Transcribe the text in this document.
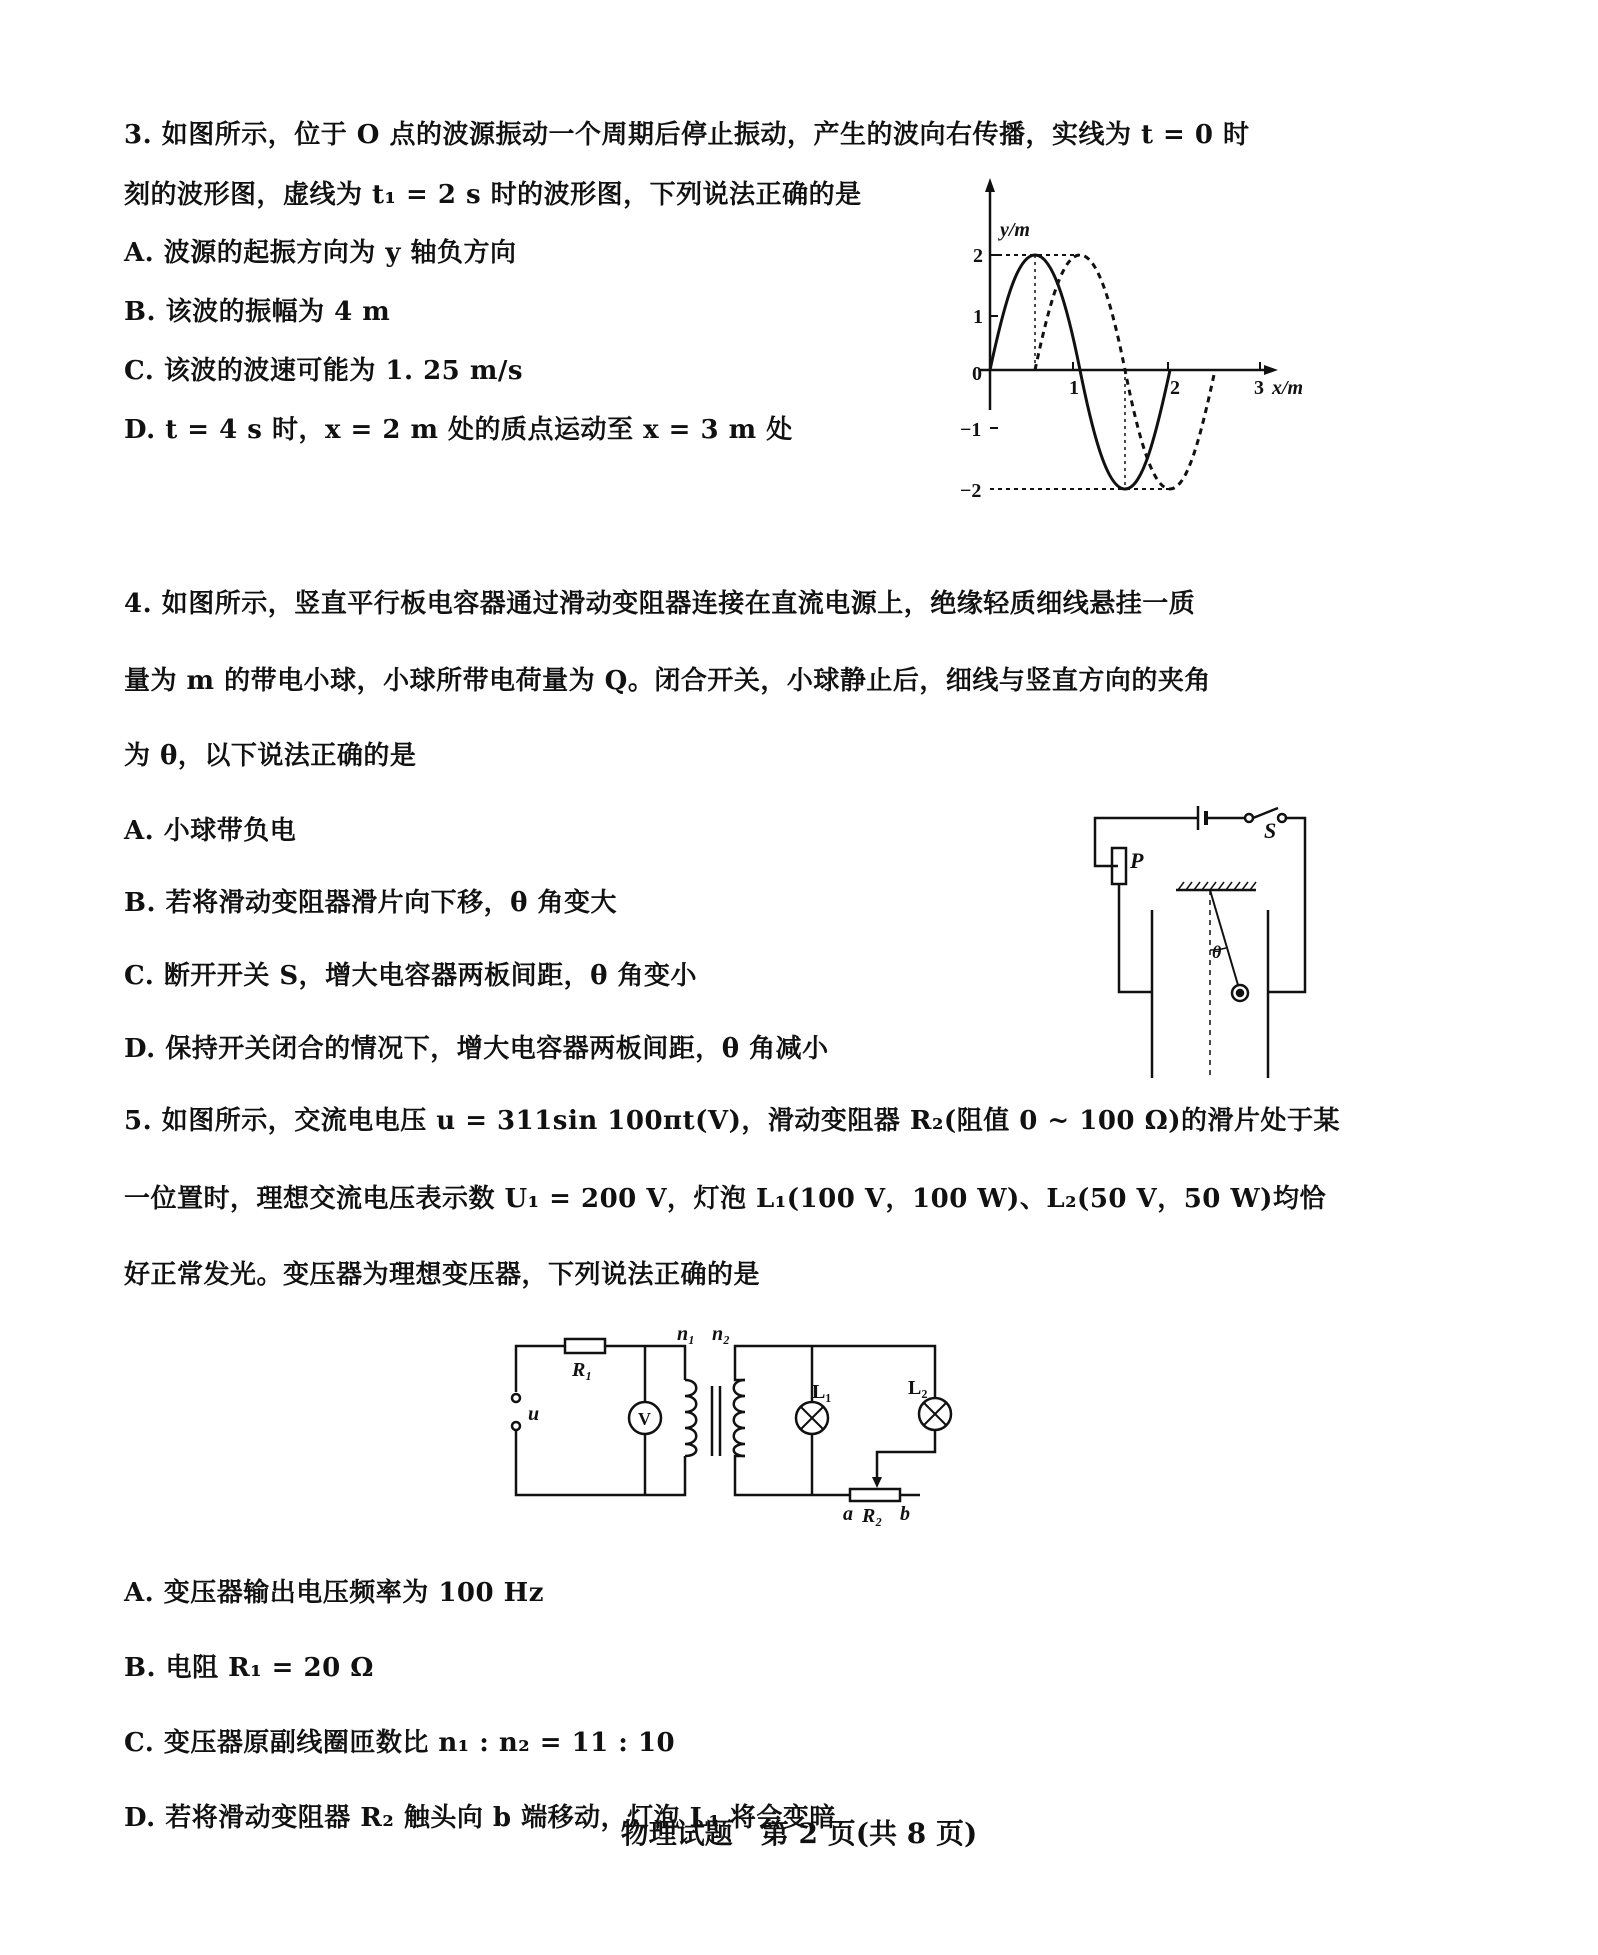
3. 如图所示，位于 O 点的波源振动一个周期后停止振动，产生的波向右传播，实线为 t = 0 时
刻的波形图，虚线为 t₁ = 2 s 时的波形图，下列说法正确的是
A. 波源的起振方向为 y 轴负方向
B. 该波的振幅为 4 m
C. 该波的波速可能为 1. 25 m/s
D. t = 4 s 时，x = 2 m 处的质点运动至 x = 3 m 处
y/m
x/m
0
2
1
−1
−2
1	2	3
4. 如图所示，竖直平行板电容器通过滑动变阻器连接在直流电源上，绝缘轻质细线悬挂一质
量为 m 的带电小球，小球所带电荷量为 Q。闭合开关，小球静止后，细线与竖直方向的夹角
为 θ，以下说法正确的是
A. 小球带负电
B. 若将滑动变阻器滑片向下移，θ 角变大
C. 断开开关 S，增大电容器两板间距，θ 角变小
D. 保持开关闭合的情况下，增大电容器两板间距，θ 角减小
S
P
θ
5. 如图所示，交流电电压 u = 311sin 100πt(V)，滑动变阻器 R₂(阻值 0 ~ 100 Ω)的滑片处于某
一位置时，理想交流电压表示数 U₁ = 200 V，灯泡 L₁(100 V，100 W)、L₂(50 V，50 W)均恰
好正常发光。变压器为理想变压器，下列说法正确的是
A. 变压器输出电压频率为 100 Hz
B. 电阻 R₁ = 20 Ω
C. 变压器原副线圈匝数比 n₁ : n₂ = 11 : 10
D. 若将滑动变阻器 R₂ 触头向 b 端移动，灯泡 L₁ 将会变暗
R₁
u	V
n₁ n₂
L₁	L₂
a R₂ b
物理试题　第 2 页(共 8 页)
